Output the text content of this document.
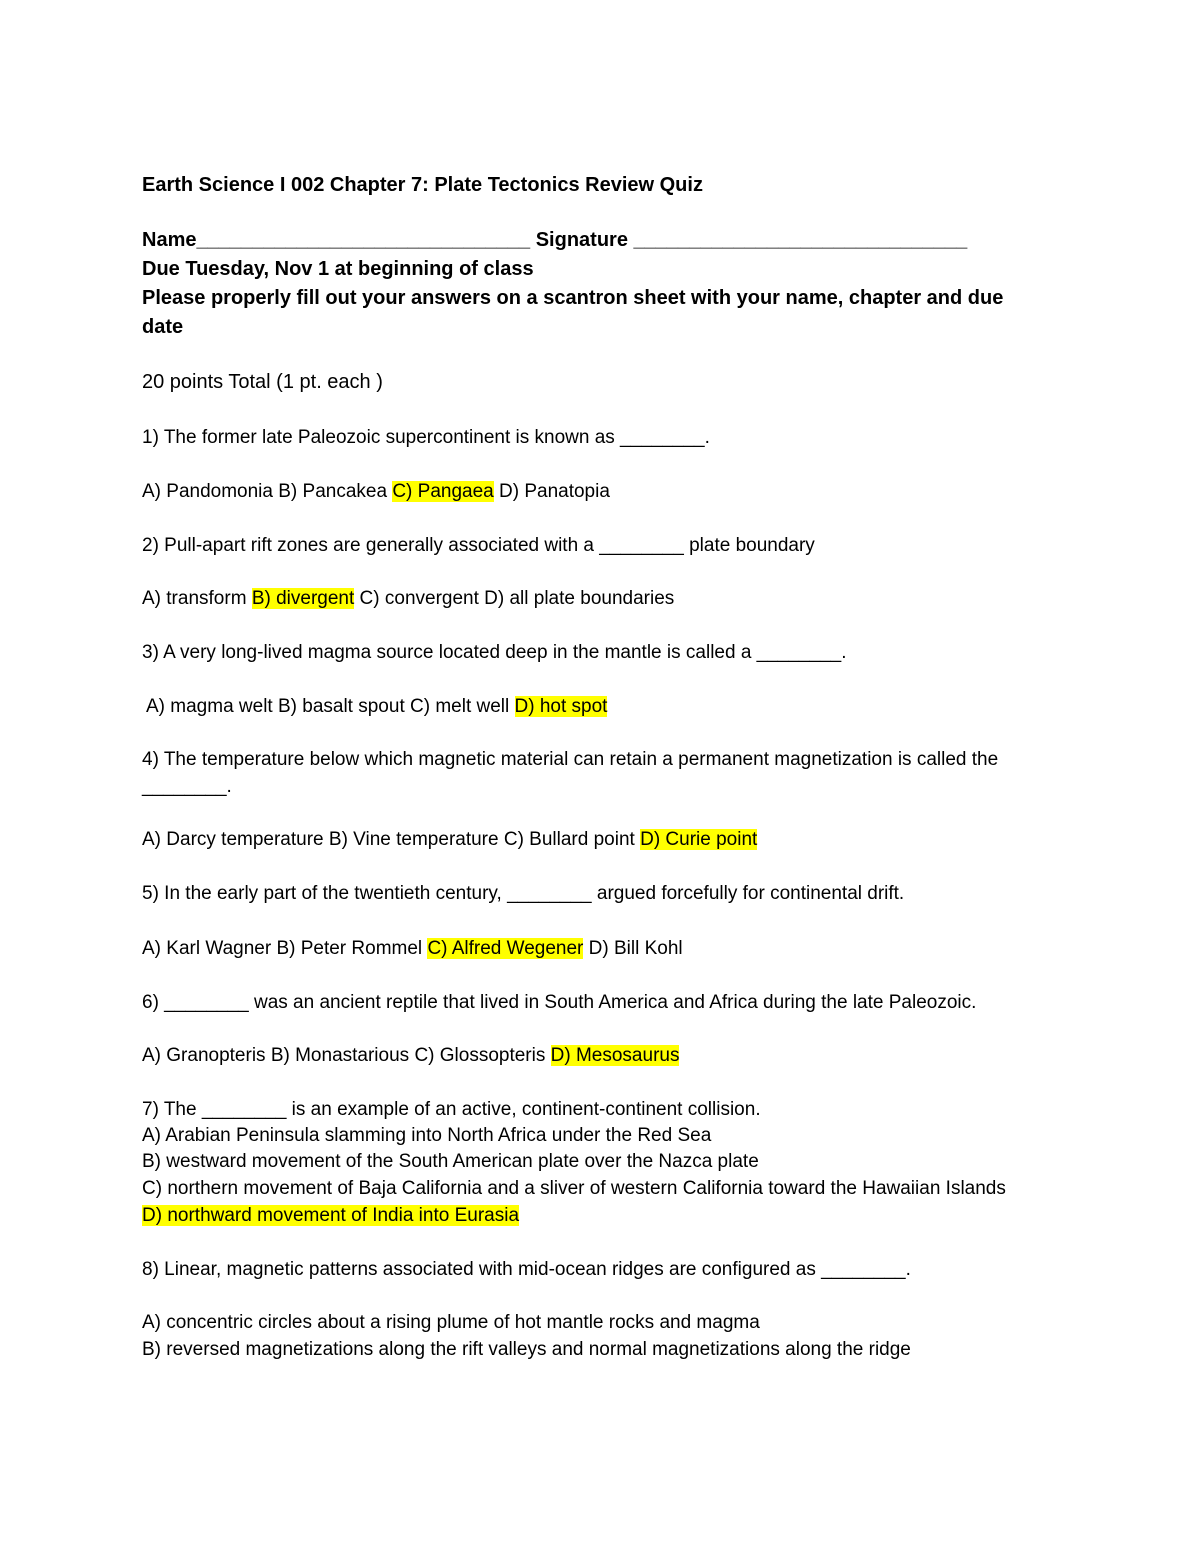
Earth Science I 002 Chapter 7: Plate Tectonics Review Quiz
Name______________________________ Signature ______________________________
Due Tuesday, Nov 1 at beginning of class
Please properly fill out your answers on a scantron sheet with your name, chapter and due
date
20 points Total (1 pt. each )
1) The former late Paleozoic supercontinent is known as ________.
A) Pandomonia B) Pancakea C) Pangaea D) Panatopia
2) Pull-apart rift zones are generally associated with a ________ plate boundary
A) transform B) divergent C) convergent D) all plate boundaries
3) A very long-lived magma source located deep in the mantle is called a ________.
A) magma welt B) basalt spout C) melt well D) hot spot
4) The temperature below which magnetic material can retain a permanent magnetization is called the
________.
A) Darcy temperature B) Vine temperature C) Bullard point D) Curie point
5) In the early part of the twentieth century, ________ argued forcefully for continental drift.
A) Karl Wagner B) Peter Rommel C) Alfred Wegener D) Bill Kohl
6) ________ was an ancient reptile that lived in South America and Africa during the late Paleozoic.
A) Granopteris B) Monastarious C) Glossopteris D) Mesosaurus
7) The ________ is an example of an active, continent-continent collision.
A) Arabian Peninsula slamming into North Africa under the Red Sea
B) westward movement of the South American plate over the Nazca plate
C) northern movement of Baja California and a sliver of western California toward the Hawaiian Islands
D) northward movement of India into Eurasia
8) Linear, magnetic patterns associated with mid-ocean ridges are configured as ________.
A) concentric circles about a rising plume of hot mantle rocks and magma
B) reversed magnetizations along the rift valleys and normal magnetizations along the ridge
